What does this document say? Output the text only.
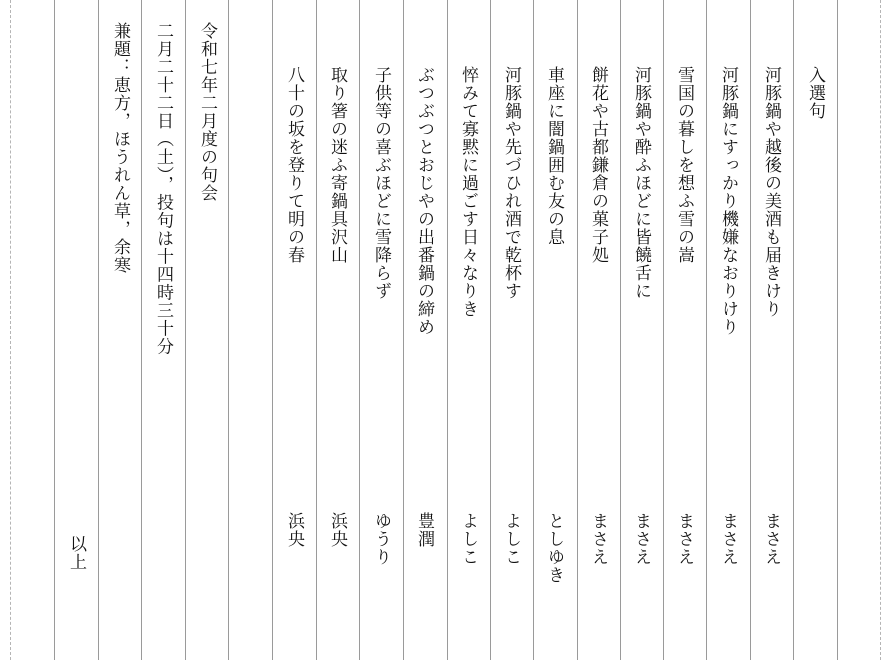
入選句
河豚鍋や越後の美酒も届きけり
まさえ
河豚鍋にすっかり機嫌なおりけり
まさえ
雪国の暮しを想ふ雪の嵩
まさえ
河豚鍋や酔ふほどに皆饒舌に
まさえ
餅花や古都鎌倉の菓子処
まさえ
車座に闇鍋囲む友の息
としゆき
河豚鍋や先づひれ酒で乾杯す
よしこ
悴みて寡黙に過ごす日々なりき
よしこ
ぶつぶつとおじやの出番鍋の締め
豊潤
子供等の喜ぶほどに雪降らず
ゆうり
取り箸の迷ふ寄鍋具沢山
浜央
八十の坂を登りて明の春
浜央
令和七年二月度の句会
二月二十二日（土），投句は十四時三十分
兼題：恵方，ほうれん草，余寒
以上
